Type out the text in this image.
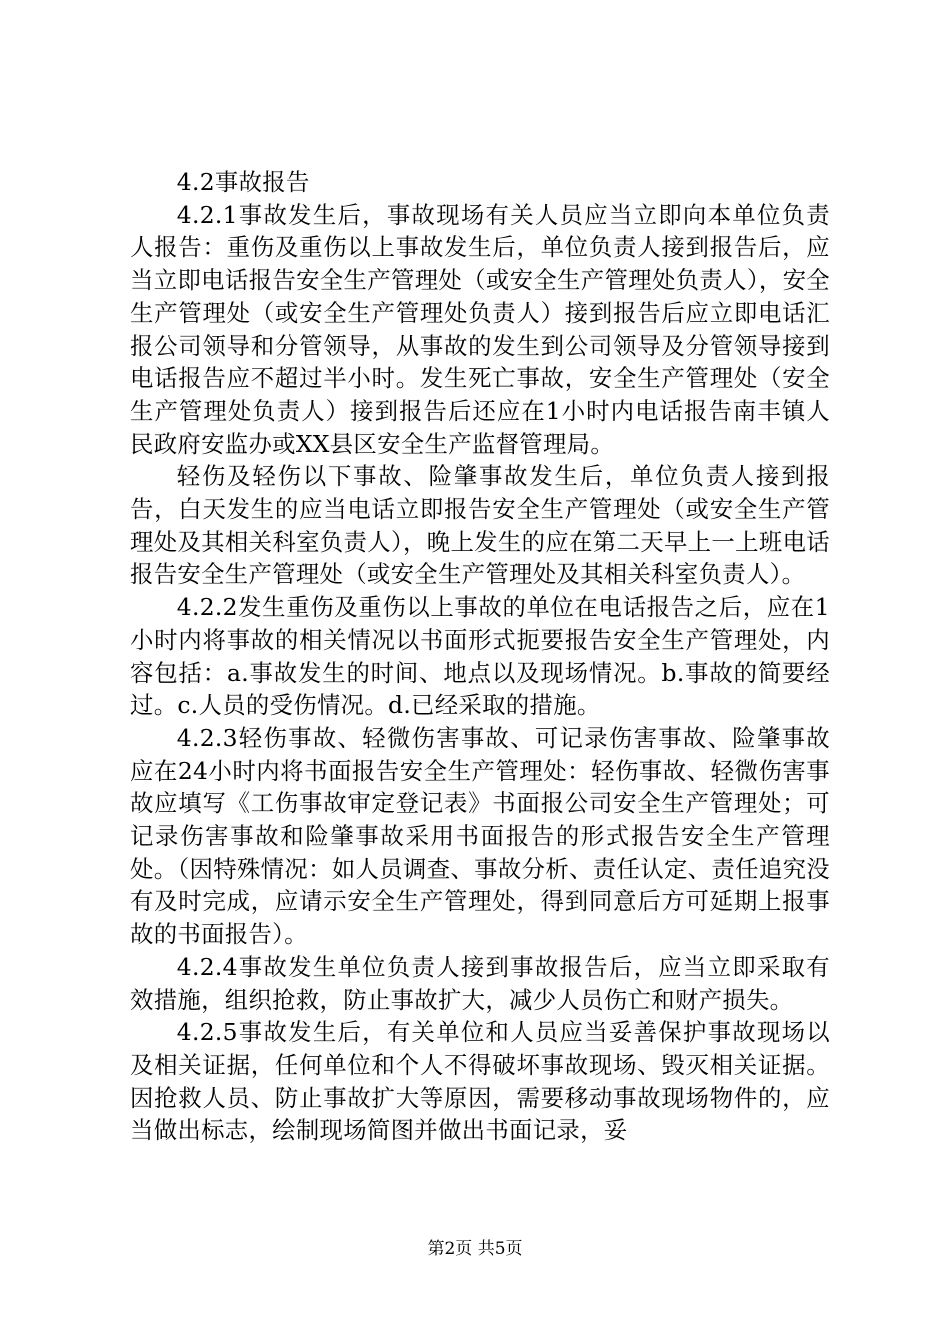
4.2事故报告

4.2.1事故发生后，事故现场有关人员应当立即向本单位负责人报告：重伤及重伤以上事故发生后，单位负责人接到报告后，应当立即电话报告安全生产管理处（或安全生产管理处负责人），安全生产管理处（或安全生产管理处负责人）接到报告后应立即电话汇报公司领导和分管领导，从事故的发生到公司领导及分管领导接到电话报告应不超过半小时。发生死亡事故，安全生产管理处（安全生产管理处负责人）接到报告后还应在1小时内电话报告南丰镇人民政府安监办或XX县区安全生产监督管理局。

轻伤及轻伤以下事故、险肇事故发生后，单位负责人接到报告，白天发生的应当电话立即报告安全生产管理处（或安全生产管理处及其相关科室负责人），晚上发生的应在第二天早上一上班电话报告安全生产管理处（或安全生产管理处及其相关科室负责人）。

4.2.2发生重伤及重伤以上事故的单位在电话报告之后，应在1小时内将事故的相关情况以书面形式扼要报告安全生产管理处，内容包括：a.事故发生的时间、地点以及现场情况。b.事故的简要经过。c.人员的受伤情况。d.已经采取的措施。

4.2.3轻伤事故、轻微伤害事故、可记录伤害事故、险肇事故应在24小时内将书面报告安全生产管理处：轻伤事故、轻微伤害事故应填写《工伤事故审定登记表》书面报公司安全生产管理处；可记录伤害事故和险肇事故采用书面报告的形式报告安全生产管理处。（因特殊情况：如人员调查、事故分析、责任认定、责任追究没有及时完成，应请示安全生产管理处，得到同意后方可延期上报事故的书面报告）。

4.2.4事故发生单位负责人接到事故报告后，应当立即采取有效措施，组织抢救，防止事故扩大，减少人员伤亡和财产损失。

4.2.5事故发生后，有关单位和人员应当妥善保护事故现场以及相关证据，任何单位和个人不得破坏事故现场、毁灭相关证据。因抢救人员、防止事故扩大等原因，需要移动事故现场物件的，应当做出标志，绘制现场简图并做出书面记录，妥

第2页 共5页
